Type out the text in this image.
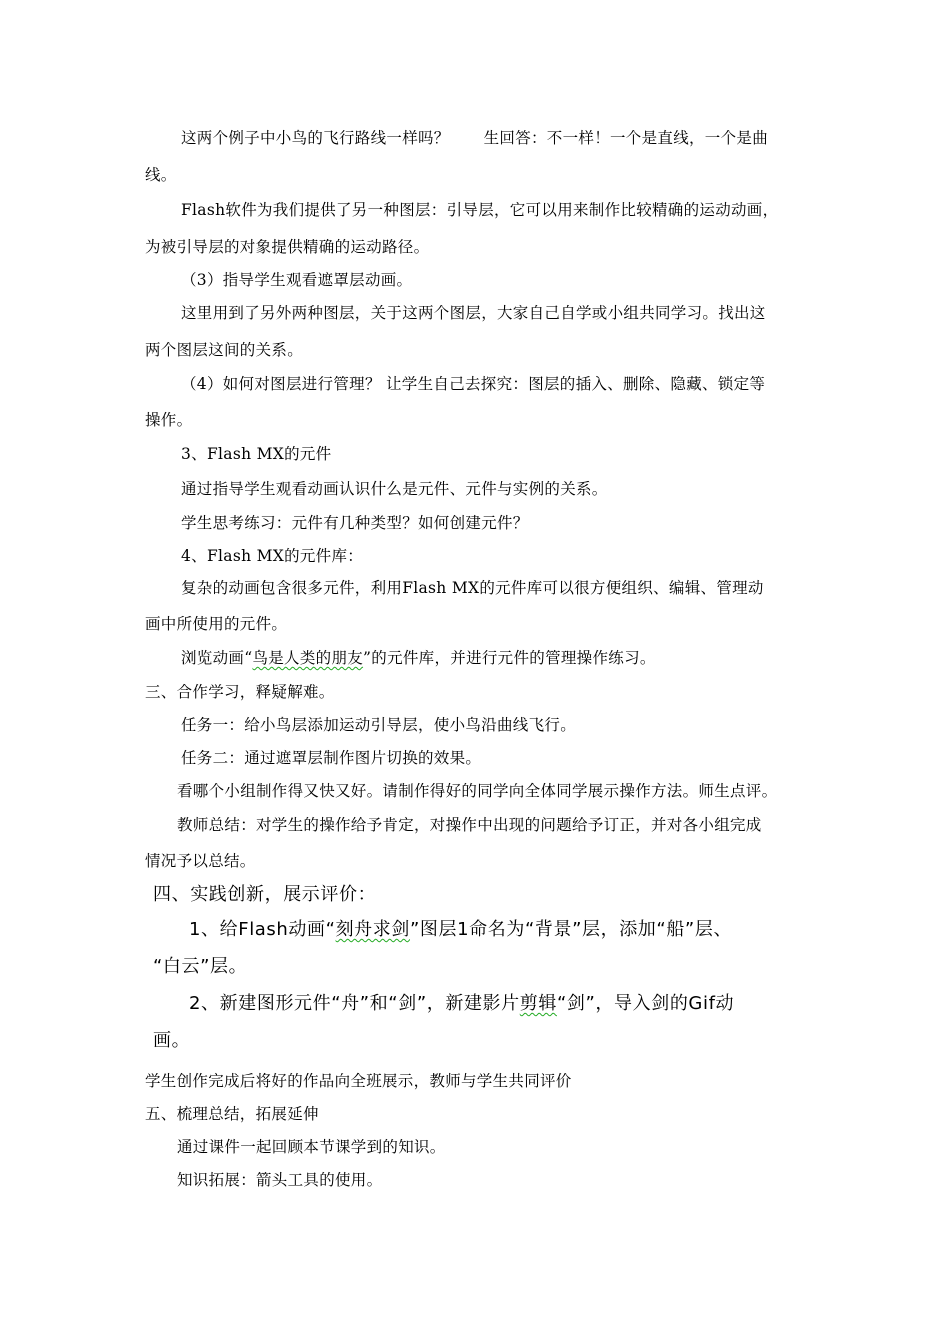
这两个例子中小鸟的飞行路线一样吗？ 生回答：不一样！一个是直线，一个是曲
线。
Flash软件为我们提供了另一种图层：引导层，它可以用来制作比较精确的运动动画，
为被引导层的对象提供精确的运动路径。
（3）指导学生观看遮罩层动画。
这里用到了另外两种图层，关于这两个图层，大家自己自学或小组共同学习。找出这
两个图层这间的关系。
（4）如何对图层进行管理？ 让学生自己去探究：图层的插入、删除、隐藏、锁定等
操作。
3、Flash MX的元件
通过指导学生观看动画认识什么是元件、元件与实例的关系。
学生思考练习：元件有几种类型？如何创建元件？
4、Flash MX的元件库：
复杂的动画包含很多元件，利用Flash MX的元件库可以很方便组织、编辑、管理动
画中所使用的元件。
浏览动画“鸟是人类的朋友”的元件库，并进行元件的管理操作练习。
三、合作学习，释疑解难。
任务一：给小鸟层添加运动引导层，使小鸟沿曲线飞行。
任务二：通过遮罩层制作图片切换的效果。
看哪个小组制作得又快又好。请制作得好的同学向全体同学展示操作方法。师生点评。
教师总结：对学生的操作给予肯定，对操作中出现的问题给予订正，并对各小组完成
情况予以总结。
四、实践创新，展示评价：
1、给Flash动画“刻舟求剑”图层1命名为“背景”层，添加“船”层、
“白云”层。
2、新建图形元件“舟”和“剑”，新建影片剪辑“剑”，导入剑的Gif动
画。
学生创作完成后将好的作品向全班展示，教师与学生共同评价
五、梳理总结，拓展延伸
通过课件一起回顾本节课学到的知识。
知识拓展：箭头工具的使用。
